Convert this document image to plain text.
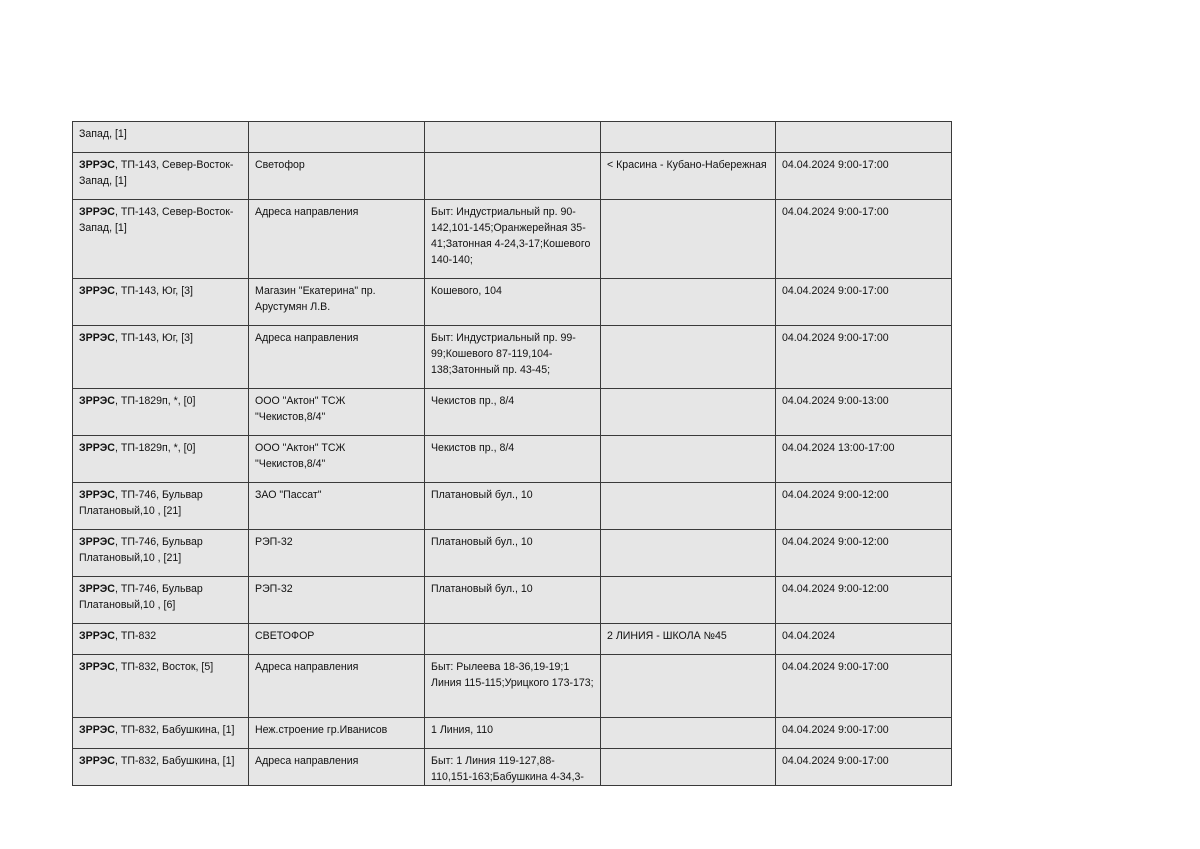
Запад, [1]				
ЗРРЭС, ТП-143, Север-Восток-Запад, [1]	Светофор		< Красина - Кубано-Набережная	04.04.2024 9:00-17:00
ЗРРЭС, ТП-143, Север-Восток-Запад, [1]	Адреса направления	Быт: Индустриальный пр. 90-142,101-145;Оранжерейная 35-41;Затонная 4-24,3-17;Кошевого 140-140;		04.04.2024 9:00-17:00
ЗРРЭС, ТП-143, Юг, [3]	Магазин "Екатерина" пр. Арустумян Л.В.	Кошевого, 104		04.04.2024 9:00-17:00
ЗРРЭС, ТП-143, Юг, [3]	Адреса направления	Быт: Индустриальный пр. 99-99;Кошевого 87-119,104-138;Затонный пр. 43-45;		04.04.2024 9:00-17:00
ЗРРЭС, ТП-1829п, *, [0]	ООО "Актон" ТСЖ "Чекистов,8/4"	Чекистов пр., 8/4		04.04.2024 9:00-13:00
ЗРРЭС, ТП-1829п, *, [0]	ООО "Актон" ТСЖ "Чекистов,8/4"	Чекистов пр., 8/4		04.04.2024 13:00-17:00
ЗРРЭС, ТП-746, Бульвар Платановый,10 , [21]	ЗАО "Пассат"	Платановый бул., 10		04.04.2024 9:00-12:00
ЗРРЭС, ТП-746, Бульвар Платановый,10 , [21]	РЭП-32	Платановый бул., 10		04.04.2024 9:00-12:00
ЗРРЭС, ТП-746, Бульвар Платановый,10 , [6]	РЭП-32	Платановый бул., 10		04.04.2024 9:00-12:00
ЗРРЭС, ТП-832	СВЕТОФОР		2 ЛИНИЯ - ШКОЛА №45	04.04.2024
ЗРРЭС, ТП-832, Восток, [5]	Адреса направления	Быт: Рылеева 18-36,19-19;1 Линия 115-115;Урицкого 173-173;		04.04.2024 9:00-17:00
ЗРРЭС, ТП-832, Бабушкина, [1]	Неж.строение гр.Иванисов	1 Линия, 110		04.04.2024 9:00-17:00
ЗРРЭС, ТП-832, Бабушкина, [1]	Адреса направления	Быт: 1 Линия 119-127,88-110,151-163;Бабушкина 4-34,3-		04.04.2024 9:00-17:00
